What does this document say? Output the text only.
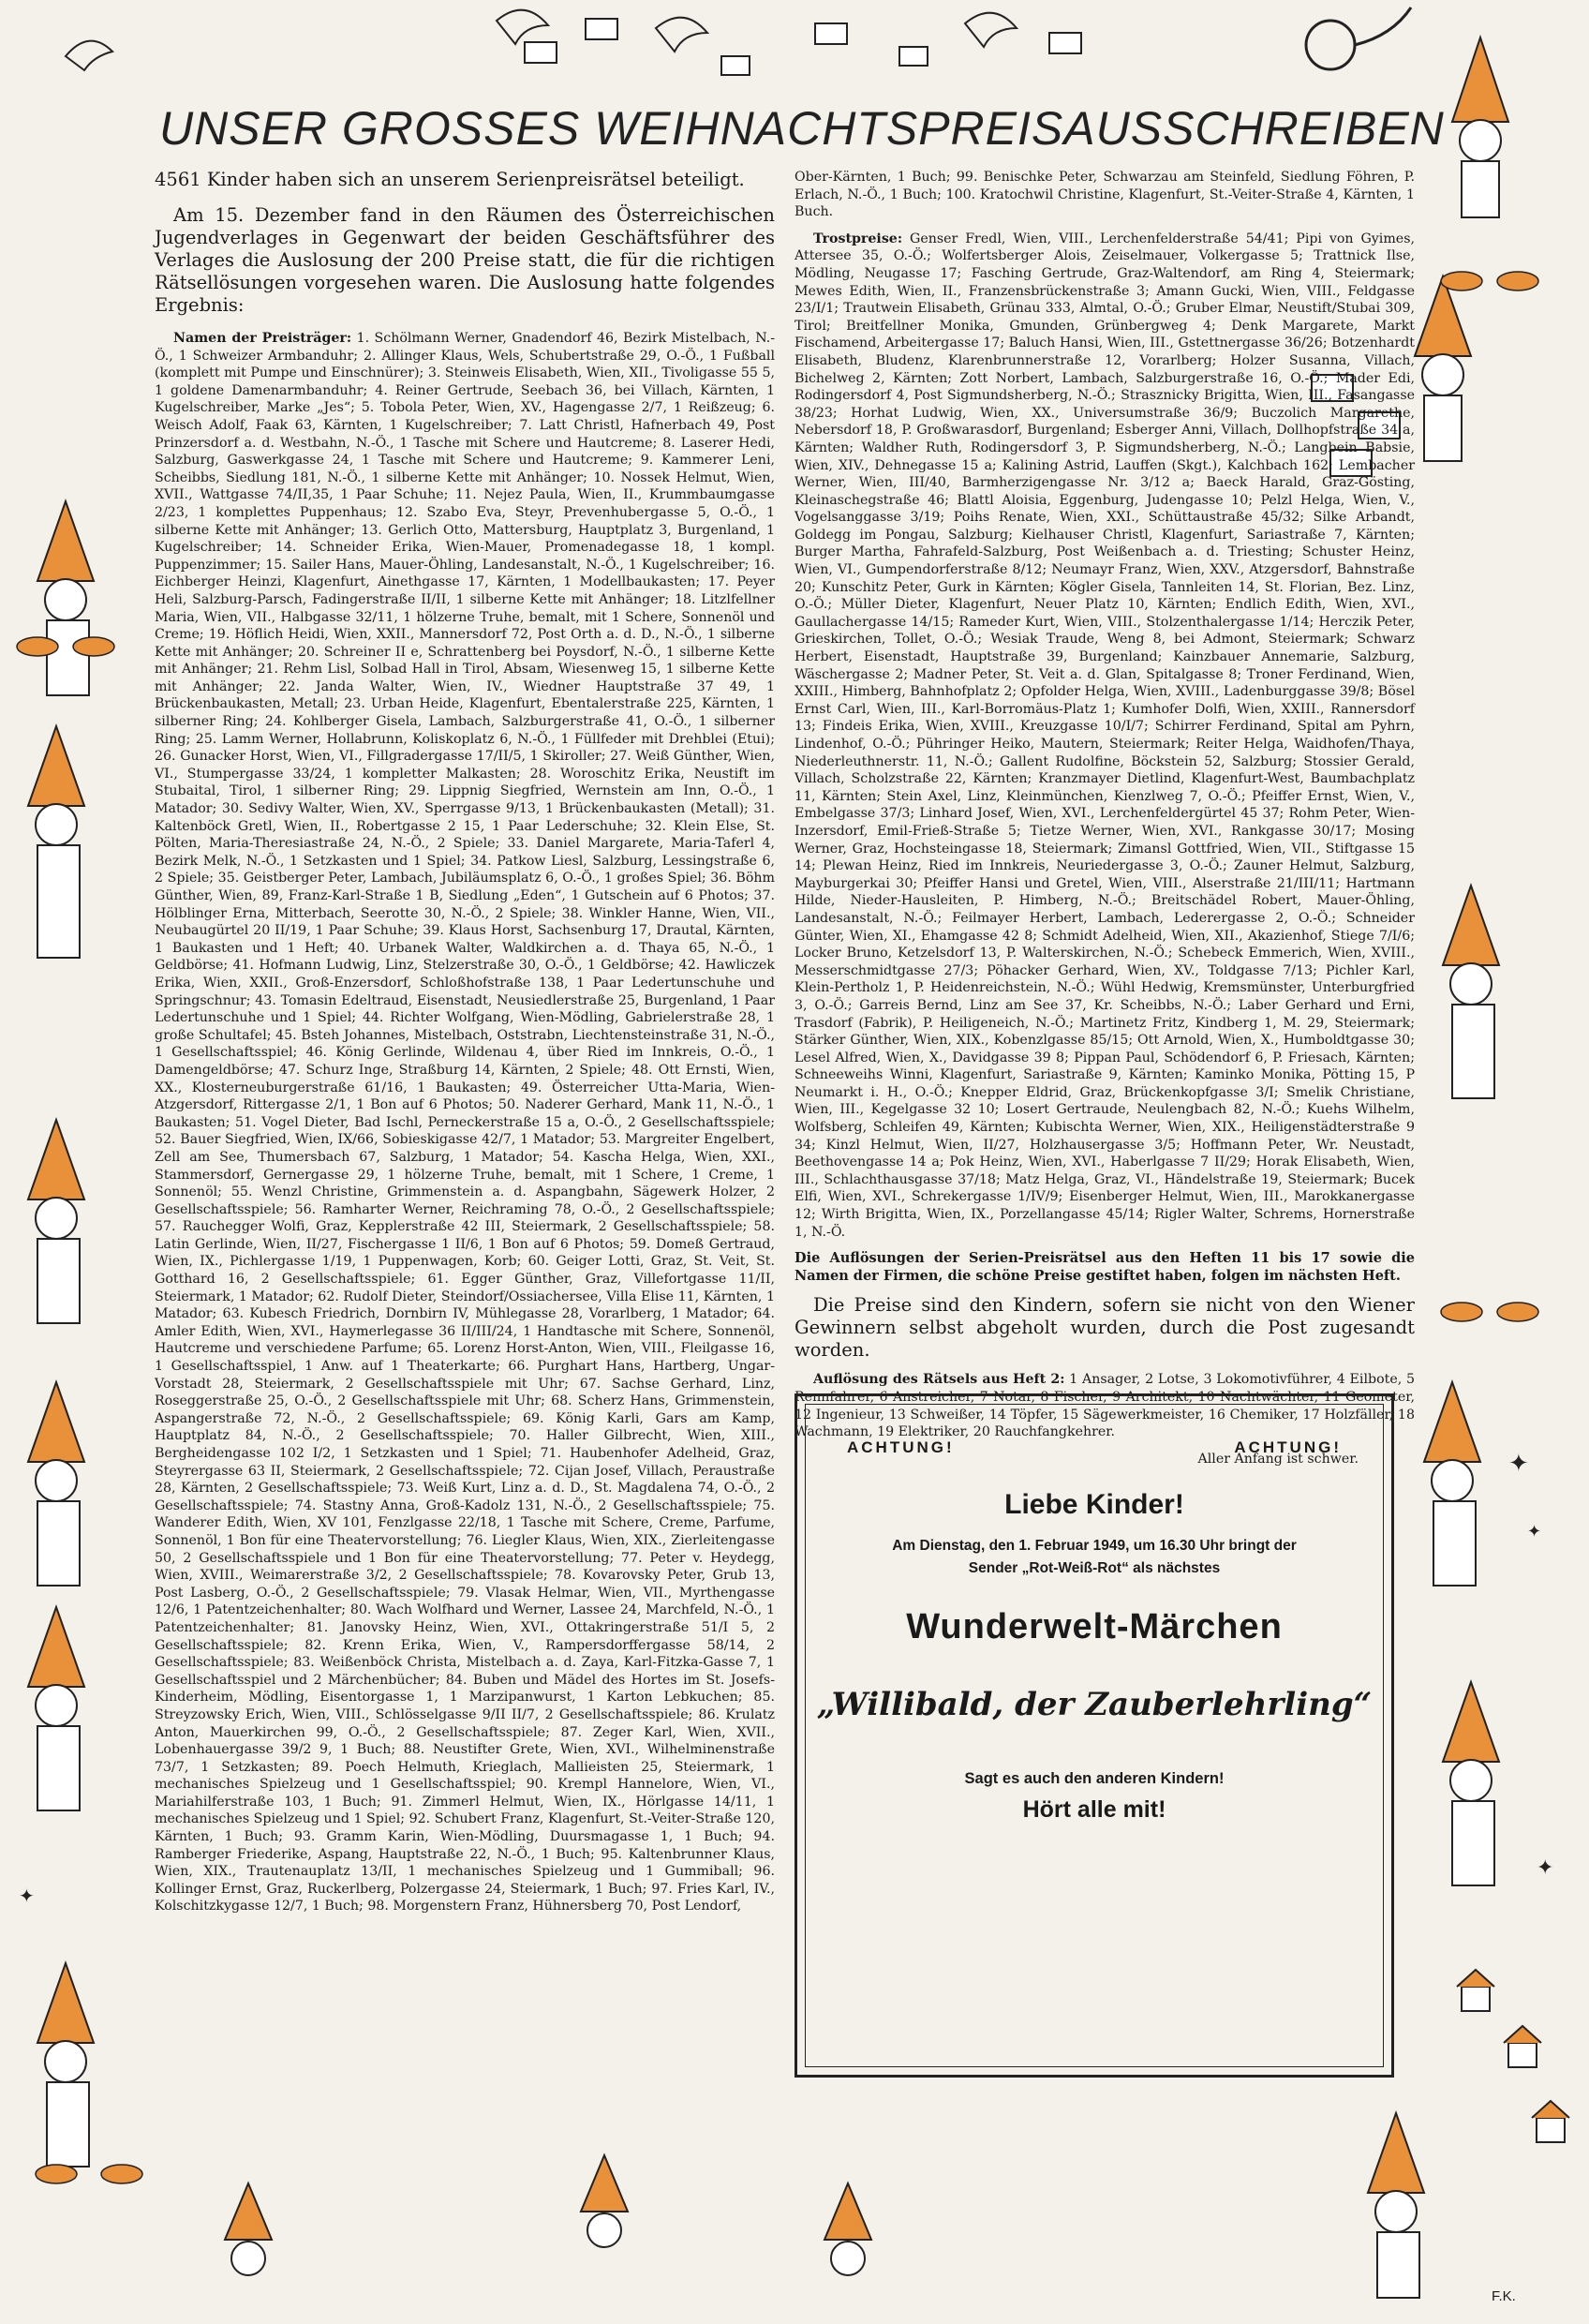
✦
✦
✦
✦
UNSER GROSSES WEIHNACHTSPREISAUSSCHREIBEN

4561 Kinder haben sich an unserem Serienpreisrätsel beteiligt.

Am 15. Dezember fand in den Räumen des Österreichischen Jugendverlages in Gegenwart der beiden Geschäftsführer des Verlages die Auslosung der 200 Preise statt, die für die richtigen Rätsellösungen vorgesehen waren. Die Auslosung hatte folgendes Ergebnis:

Namen der Preisträger: 1. Schölmann Werner, Gnadendorf 46, Bezirk Mistelbach, N.-Ö., 1 Schweizer Armbanduhr; 2. Allinger Klaus, Wels, Schubertstraße 29, O.-Ö., 1 Fußball (komplett mit Pumpe und Einschnürer); 3. Steinweis Elisabeth, Wien, XII., Tivoligasse 55 5, 1 goldene Damenarmbanduhr; 4. Reiner Gertrude, Seebach 36, bei Villach, Kärnten, 1 Kugelschreiber, Marke „Jes“; 5. Tobola Peter, Wien, XV., Hagengasse 2/7, 1 Reißzeug; 6. Weisch Adolf, Faak 63, Kärnten, 1 Kugelschreiber; 7. Latt Christl, Hafnerbach 49, Post Prinzersdorf a. d. Westbahn, N.-Ö., 1 Tasche mit Schere und Hautcreme; 8. Laserer Hedi, Salzburg, Gaswerkgasse 24, 1 Tasche mit Schere und Hautcreme; 9. Kammerer Leni, Scheibbs, Siedlung 181, N.-Ö., 1 silberne Kette mit Anhänger; 10. Nossek Helmut, Wien, XVII., Wattgasse 74/II,35, 1 Paar Schuhe; 11. Nejez Paula, Wien, II., Krummbaumgasse 2/23, 1 komplettes Puppenhaus; 12. Szabo Eva, Steyr, Prevenhubergasse 5, O.-Ö., 1 silberne Kette mit Anhänger; 13. Gerlich Otto, Mattersburg, Hauptplatz 3, Burgenland, 1 Kugelschreiber; 14. Schneider Erika, Wien-Mauer, Promenadegasse 18, 1 kompl. Puppenzimmer; 15. Sailer Hans, Mauer-Öhling, Landesanstalt, N.-Ö., 1 Kugelschreiber; 16. Eichberger Heinzi, Klagenfurt, Ainethgasse 17, Kärnten, 1 Modellbaukasten; 17. Peyer Heli, Salzburg-Parsch, Fadingerstraße II/II, 1 silberne Kette mit Anhänger; 18. Litzlfellner Maria, Wien, VII., Halbgasse 32/11, 1 hölzerne Truhe, bemalt, mit 1 Schere, Sonnenöl und Creme; 19. Höflich Heidi, Wien, XXII., Mannersdorf 72, Post Orth a. d. D., N.-Ö., 1 silberne Kette mit Anhänger; 20. Schreiner II e, Schrattenberg bei Poysdorf, N.-Ö., 1 silberne Kette mit Anhänger; 21. Rehm Lisl, Solbad Hall in Tirol, Absam, Wiesenweg 15, 1 silberne Kette mit Anhänger; 22. Janda Walter, Wien, IV., Wiedner Hauptstraße 37 49, 1 Brückenbaukasten, Metall; 23. Urban Heide, Klagenfurt, Ebentalerstraße 225, Kärnten, 1 silberner Ring; 24. Kohlberger Gisela, Lambach, Salzburgerstraße 41, O.-Ö., 1 silberner Ring; 25. Lamm Werner, Hollabrunn, Koliskoplatz 6, N.-Ö., 1 Füllfeder mit Drehblei (Etui); 26. Gunacker Horst, Wien, VI., Fillgradergasse 17/II/5, 1 Skiroller; 27. Weiß Günther, Wien, VI., Stumpergasse 33/24, 1 kompletter Malkasten; 28. Woroschitz Erika, Neustift im Stubaital, Tirol, 1 silberner Ring; 29. Lippnig Siegfried, Wernstein am Inn, O.-Ö., 1 Matador; 30. Sedivy Walter, Wien, XV., Sperrgasse 9/13, 1 Brückenbaukasten (Metall); 31. Kaltenböck Gretl, Wien, II., Robertgasse 2 15, 1 Paar Lederschuhe; 32. Klein Else, St. Pölten, Maria-Theresiastraße 24, N.-Ö., 2 Spiele; 33. Daniel Margarete, Maria-Taferl 4, Bezirk Melk, N.-Ö., 1 Setzkasten und 1 Spiel; 34. Patkow Liesl, Salzburg, Lessingstraße 6, 2 Spiele; 35. Geistberger Peter, Lambach, Jubiläumsplatz 6, O.-Ö., 1 großes Spiel; 36. Böhm Günther, Wien, 89, Franz-Karl-Straße 1 B, Siedlung „Eden“, 1 Gutschein auf 6 Photos; 37. Hölblinger Erna, Mitterbach, Seerotte 30, N.-Ö., 2 Spiele; 38. Winkler Hanne, Wien, VII., Neubaugürtel 20 II/19, 1 Paar Schuhe; 39. Klaus Horst, Sachsenburg 17, Drautal, Kärnten, 1 Baukasten und 1 Heft; 40. Urbanek Walter, Waldkirchen a. d. Thaya 65, N.-Ö., 1 Geldbörse; 41. Hofmann Ludwig, Linz, Stelzerstraße 30, O.-Ö., 1 Geldbörse; 42. Hawliczek Erika, Wien, XXII., Groß-Enzersdorf, Schloßhofstraße 138, 1 Paar Ledertunschuhe und Springschnur; 43. Tomasin Edeltraud, Eisenstadt, Neusiedlerstraße 25, Burgenland, 1 Paar Ledertunschuhe und 1 Spiel; 44. Richter Wolfgang, Wien-Mödling, Gabrielerstraße 28, 1 große Schultafel; 45. Bsteh Johannes, Mistelbach, Oststrabn, Liechtensteinstraße 31, N.-Ö., 1 Gesellschaftsspiel; 46. König Gerlinde, Wildenau 4, über Ried im Innkreis, O.-Ö., 1 Damengeldbörse; 47. Schurz Inge, Straßburg 14, Kärnten, 2 Spiele; 48. Ott Ernsti, Wien, XX., Klosterneuburgerstraße 61/16, 1 Baukasten; 49. Österreicher Utta-Maria, Wien-Atzgersdorf, Rittergasse 2/1, 1 Bon auf 6 Photos; 50. Naderer Gerhard, Mank 11, N.-Ö., 1 Baukasten; 51. Vogel Dieter, Bad Ischl, Perneckerstraße 15 a, O.-Ö., 2 Gesellschaftsspiele; 52. Bauer Siegfried, Wien, IX/66, Sobieskigasse 42/7, 1 Matador; 53. Margreiter Engelbert, Zell am See, Thumersbach 67, Salzburg, 1 Matador; 54. Kascha Helga, Wien, XXI., Stammersdorf, Gernergasse 29, 1 hölzerne Truhe, bemalt, mit 1 Schere, 1 Creme, 1 Sonnenöl; 55. Wenzl Christine, Grimmenstein a. d. Aspangbahn, Sägewerk Holzer, 2 Gesellschaftsspiele; 56. Ramharter Werner, Reichraming 78, O.-Ö., 2 Gesellschaftsspiele; 57. Rauchegger Wolfi, Graz, Kepplerstraße 42 III, Steiermark, 2 Gesellschaftsspiele; 58. Latin Gerlinde, Wien, II/27, Fischergasse 1 II/6, 1 Bon auf 6 Photos; 59. Domeß Gertraud, Wien, IX., Pichlergasse 1/19, 1 Puppenwagen, Korb; 60. Geiger Lotti, Graz, St. Veit, St. Gotthard 16, 2 Gesellschaftsspiele; 61. Egger Günther, Graz, Villefortgasse 11/II, Steiermark, 1 Matador; 62. Rudolf Dieter, Steindorf/Ossiachersee, Villa Elise 11, Kärnten, 1 Matador; 63. Kubesch Friedrich, Dornbirn IV, Mühlegasse 28, Vorarlberg, 1 Matador; 64. Amler Edith, Wien, XVI., Haymerlegasse 36 II/III/24, 1 Handtasche mit Schere, Sonnenöl, Hautcreme und verschiedene Parfume; 65. Lorenz Horst-Anton, Wien, VIII., Fleilgasse 16, 1 Gesellschaftsspiel, 1 Anw. auf 1 Theaterkarte; 66. Purghart Hans, Hartberg, Ungar-Vorstadt 28, Steiermark, 2 Gesellschaftsspiele mit Uhr; 67. Sachse Gerhard, Linz, Roseggerstraße 25, O.-Ö., 2 Gesellschaftsspiele mit Uhr; 68. Scherz Hans, Grimmenstein, Aspangerstraße 72, N.-Ö., 2 Gesellschaftsspiele; 69. König Karli, Gars am Kamp, Hauptplatz 84, N.-Ö., 2 Gesellschaftsspiele; 70. Haller Gilbrecht, Wien, XIII., Bergheidengasse 102 I/2, 1 Setzkasten und 1 Spiel; 71. Haubenhofer Adelheid, Graz, Steyrergasse 63 II, Steiermark, 2 Gesellschaftsspiele; 72. Cijan Josef, Villach, Peraustraße 28, Kärnten, 2 Gesellschaftsspiele; 73. Weiß Kurt, Linz a. d. D., St. Magdalena 74, O.-Ö., 2 Gesellschaftsspiele; 74. Stastny Anna, Groß-Kadolz 131, N.-Ö., 2 Gesellschaftsspiele; 75. Wanderer Edith, Wien, XV 101, Fenzlgasse 22/18, 1 Tasche mit Schere, Creme, Parfume, Sonnenöl, 1 Bon für eine Theatervorstellung; 76. Liegler Klaus, Wien, XIX., Zierleitengasse 50, 2 Gesellschaftsspiele und 1 Bon für eine Theatervorstellung; 77. Peter v. Heydegg, Wien, XVIII., Weimarerstraße 3/2, 2 Gesellschaftsspiele; 78. Kovarovsky Peter, Grub 13, Post Lasberg, O.-Ö., 2 Gesellschaftsspiele; 79. Vlasak Helmar, Wien, VII., Myrthengasse 12/6, 1 Patentzeichenhalter; 80. Wach Wolfhard und Werner, Lassee 24, Marchfeld, N.-Ö., 1 Patentzeichenhalter; 81. Janovsky Heinz, Wien, XVI., Ottakringerstraße 51/I 5, 2 Gesellschaftsspiele; 82. Krenn Erika, Wien, V., Rampersdorffergasse 58/14, 2 Gesellschaftsspiele; 83. Weißenböck Christa, Mistelbach a. d. Zaya, Karl-Fitzka-Gasse 7, 1 Gesellschaftsspiel und 2 Märchenbücher; 84. Buben und Mädel des Hortes im St. Josefs-Kinderheim, Mödling, Eisentorgasse 1, 1 Marzipanwurst, 1 Karton Lebkuchen; 85. Streyzowsky Erich, Wien, VIII., Schlösselgasse 9/II II/7, 2 Gesellschaftsspiele; 86. Krulatz Anton, Mauerkirchen 99, O.-Ö., 2 Gesellschaftsspiele; 87. Zeger Karl, Wien, XVII., Lobenhauergasse 39/2 9, 1 Buch; 88. Neustifter Grete, Wien, XVI., Wilhelminenstraße 73/7, 1 Setzkasten; 89. Poech Helmuth, Krieglach, Mallieisten 25, Steiermark, 1 mechanisches Spielzeug und 1 Gesellschaftsspiel; 90. Krempl Hannelore, Wien, VI., Mariahilferstraße 103, 1 Buch; 91. Zimmerl Helmut, Wien, IX., Hörlgasse 14/11, 1 mechanisches Spielzeug und 1 Spiel; 92. Schubert Franz, Klagenfurt, St.-Veiter-Straße 120, Kärnten, 1 Buch; 93. Gramm Karin, Wien-Mödling, Duursmagasse 1, 1 Buch; 94. Ramberger Friederike, Aspang, Hauptstraße 22, N.-Ö., 1 Buch; 95. Kaltenbrunner Klaus, Wien, XIX., Trautenauplatz 13/II, 1 mechanisches Spielzeug und 1 Gummiball; 96. Kollinger Ernst, Graz, Ruckerlberg, Polzergasse 24, Steiermark, 1 Buch; 97. Fries Karl, IV., Kolschitzkygasse 12/7, 1 Buch; 98. Morgenstern Franz, Hühnersberg 70, Post Lendorf,

Ober-Kärnten, 1 Buch; 99. Benischke Peter, Schwarzau am Steinfeld, Siedlung Föhren, P. Erlach, N.-Ö., 1 Buch; 100. Kratochwil Christine, Klagenfurt, St.-Veiter-Straße 4, Kärnten, 1 Buch.

Trostpreise: Genser Fredl, Wien, VIII., Lerchenfelderstraße 54/41; Pipi von Gyimes, Attersee 35, O.-Ö.; Wolfertsberger Alois, Zeiselmauer, Volkergasse 5; Trattnick Ilse, Mödling, Neugasse 17; Fasching Gertrude, Graz-Waltendorf, am Ring 4, Steiermark; Mewes Edith, Wien, II., Franzensbrückenstraße 3; Amann Gucki, Wien, VIII., Feldgasse 23/I/1; Trautwein Elisabeth, Grünau 333, Almtal, O.-Ö.; Gruber Elmar, Neustift/Stubai 309, Tirol; Breitfellner Monika, Gmunden, Grünbergweg 4; Denk Margarete, Markt Fischamend, Arbeitergasse 17; Baluch Hansi, Wien, III., Gstettnergasse 36/26; Botzenhardt Elisabeth, Bludenz, Klarenbrunnerstraße 12, Vorarlberg; Holzer Susanna, Villach, Bichelweg 2, Kärnten; Zott Norbert, Lambach, Salzburgerstraße 16, O.-Ö.; Mader Edi, Rodingersdorf 4, Post Sigmundsherberg, N.-Ö.; Strasznicky Brigitta, Wien, III., Fasangasse 38/23; Horhat Ludwig, Wien, XX., Universumstraße 36/9; Buczolich Margarethe, Nebersdorf 18, P. Großwarasdorf, Burgenland; Esberger Anni, Villach, Dollhopfstraße 34 a, Kärnten; Waldher Ruth, Rodingersdorf 3, P. Sigmundsherberg, N.-Ö.; Langbein Babsie, Wien, XIV., Dehnegasse 15 a; Kalining Astrid, Lauffen (Skgt.), Kalchbach 162; Lembacher Werner, Wien, III/40, Barmherzigengasse Nr. 3/12 a; Baeck Harald, Graz-Gösting, Kleinaschegstraße 46; Blattl Aloisia, Eggenburg, Judengasse 10; Pelzl Helga, Wien, V., Vogelsanggasse 3/19; Poihs Renate, Wien, XXI., Schüttaustraße 45/32; Silke Arbandt, Goldegg im Pongau, Salzburg; Kielhauser Christl, Klagenfurt, Sariastraße 7, Kärnten; Burger Martha, Fahrafeld-Salzburg, Post Weißenbach a. d. Triesting; Schuster Heinz, Wien, VI., Gumpendorferstraße 8/12; Neumayr Franz, Wien, XXV., Atzgersdorf, Bahnstraße 20; Kunschitz Peter, Gurk in Kärnten; Kögler Gisela, Tannleiten 14, St. Florian, Bez. Linz, O.-Ö.; Müller Dieter, Klagenfurt, Neuer Platz 10, Kärnten; Endlich Edith, Wien, XVI., Gaullachergasse 14/15; Rameder Kurt, Wien, VIII., Stolzenthalergasse 1/14; Herczik Peter, Grieskirchen, Tollet, O.-Ö.; Wesiak Traude, Weng 8, bei Admont, Steiermark; Schwarz Herbert, Eisenstadt, Hauptstraße 39, Burgenland; Kainzbauer Annemarie, Salzburg, Wäschergasse 2; Madner Peter, St. Veit a. d. Glan, Spitalgasse 8; Troner Ferdinand, Wien, XXIII., Himberg, Bahnhofplatz 2; Opfolder Helga, Wien, XVIII., Ladenburggasse 39/8; Bösel Ernst Carl, Wien, III., Karl-Borromäus-Platz 1; Kumhofer Dolfi, Wien, XXIII., Rannersdorf 13; Findeis Erika, Wien, XVIII., Kreuzgasse 10/I/7; Schirrer Ferdinand, Spital am Pyhrn, Lindenhof, O.-Ö.; Pühringer Heiko, Mautern, Steiermark; Reiter Helga, Waidhofen/Thaya, Niederleuthnerstr. 11, N.-Ö.; Gallent Rudolfine, Böckstein 52, Salzburg; Stossier Gerald, Villach, Scholzstraße 22, Kärnten; Kranzmayer Dietlind, Klagenfurt-West, Baumbachplatz 11, Kärnten; Stein Axel, Linz, Kleinmünchen, Kienzlweg 7, O.-Ö.; Pfeiffer Ernst, Wien, V., Embelgasse 37/3; Linhard Josef, Wien, XVI., Lerchenfeldergürtel 45 37; Rohm Peter, Wien-Inzersdorf, Emil-Frieß-Straße 5; Tietze Werner, Wien, XVI., Rankgasse 30/17; Mosing Werner, Graz, Hochsteingasse 18, Steiermark; Zimansl Gottfried, Wien, VII., Stiftgasse 15 14; Plewan Heinz, Ried im Innkreis, Neuriedergasse 3, O.-Ö.; Zauner Helmut, Salzburg, Mayburgerkai 30; Pfeiffer Hansi und Gretel, Wien, VIII., Alserstraße 21/III/11; Hartmann Hilde, Nieder-Hausleiten, P. Himberg, N.-Ö.; Breitschädel Robert, Mauer-Öhling, Landesanstalt, N.-Ö.; Feilmayer Herbert, Lambach, Lederergasse 2, O.-Ö.; Schneider Günter, Wien, XI., Ehamgasse 42 8; Schmidt Adelheid, Wien, XII., Akazienhof, Stiege 7/I/6; Locker Bruno, Ketzelsdorf 13, P. Walterskirchen, N.-Ö.; Schebeck Emmerich, Wien, XVIII., Messerschmidtgasse 27/3; Pöhacker Gerhard, Wien, XV., Toldgasse 7/13; Pichler Karl, Klein-Pertholz 1, P. Heidenreichstein, N.-Ö.; Wühl Hedwig, Kremsmünster, Unterburgfried 3, O.-Ö.; Garreis Bernd, Linz am See 37, Kr. Scheibbs, N.-Ö.; Laber Gerhard und Erni, Trasdorf (Fabrik), P. Heiligeneich, N.-Ö.; Martinetz Fritz, Kindberg 1, M. 29, Steiermark; Stärker Günther, Wien, XIX., Kobenzlgasse 85/15; Ott Arnold, Wien, X., Humboldtgasse 30; Lesel Alfred, Wien, X., Davidgasse 39 8; Pippan Paul, Schödendorf 6, P. Friesach, Kärnten; Schneeweihs Winni, Klagenfurt, Sariastraße 9, Kärnten; Kaminko Monika, Pötting 15, P Neumarkt i. H., O.-Ö.; Knepper Eldrid, Graz, Brückenkopfgasse 3/I; Smelik Christiane, Wien, III., Kegelgasse 32 10; Losert Gertraude, Neulengbach 82, N.-Ö.; Kuehs Wilhelm, Wolfsberg, Schleifen 49, Kärnten; Kubischta Werner, Wien, XIX., Heiligenstädterstraße 9 34; Kinzl Helmut, Wien, II/27, Holzhausergasse 3/5; Hoffmann Peter, Wr. Neustadt, Beethovengasse 14 a; Pok Heinz, Wien, XVI., Haberlgasse 7 II/29; Horak Elisabeth, Wien, III., Schlachthausgasse 37/18; Matz Helga, Graz, VI., Händelstraße 19, Steiermark; Bucek Elfi, Wien, XVI., Schrekergasse 1/IV/9; Eisenberger Helmut, Wien, III., Marokkanergasse 12; Wirth Brigitta, Wien, IX., Porzellangasse 45/14; Rigler Walter, Schrems, Hornerstraße 1, N.-Ö.

Die Auflösungen der Serien-Preisrätsel aus den Heften 11 bis 17 sowie die Namen der Firmen, die schöne Preise gestiftet haben, folgen im nächsten Heft.

Die Preise sind den Kindern, sofern sie nicht von den Wiener Gewinnern selbst abgeholt wurden, durch die Post zugesandt worden.

Auflösung des Rätsels aus Heft 2: 1 Ansager, 2 Lotse, 3 Lokomotivführer, 4 Eilbote, 5 Rennfahrer, 6 Anstreicher, 7 Notar, 8 Fischer, 9 Architekt, 10 Nachtwächter, 11 Geometer, 12 Ingenieur, 13 Schweißer, 14 Töpfer, 15 Sägewerkmeister, 16 Chemiker, 17 Holzfäller, 18 Wachmann, 19 Elektriker, 20 Rauchfangkehrer.

Aller Anfang ist schwer.

ACHTUNG!	ACHTUNG!
Liebe Kinder!
Am Dienstag, den 1. Februar 1949, um 16.30 Uhr bringt der
Sender „Rot-Weiß-Rot“ als nächstes
Wunderwelt-Märchen
„Willibald, der Zauberlehrling“
Sagt es auch den anderen Kindern!
Hört alle mit!
F.K.
